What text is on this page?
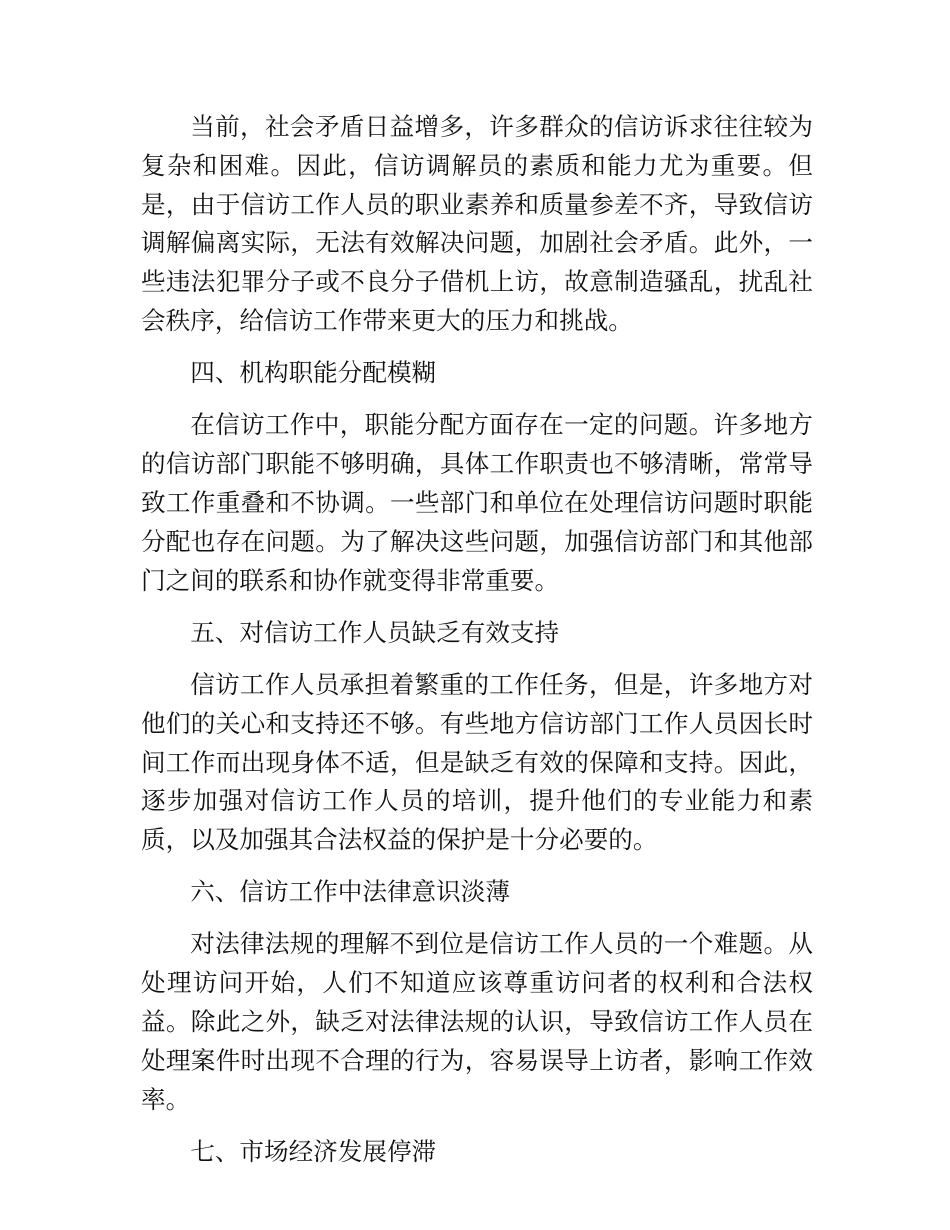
当前，社会矛盾日益增多，许多群众的信访诉求往往较为复杂和困难。因此，信访调解员的素质和能力尤为重要。但是，由于信访工作人员的职业素养和质量参差不齐，导致信访调解偏离实际，无法有效解决问题，加剧社会矛盾。此外，一些违法犯罪分子或不良分子借机上访，故意制造骚乱，扰乱社会秩序，给信访工作带来更大的压力和挑战。

四、机构职能分配模糊

在信访工作中，职能分配方面存在一定的问题。许多地方的信访部门职能不够明确，具体工作职责也不够清晰，常常导致工作重叠和不协调。一些部门和单位在处理信访问题时职能分配也存在问题。为了解决这些问题，加强信访部门和其他部门之间的联系和协作就变得非常重要。

五、对信访工作人员缺乏有效支持

信访工作人员承担着繁重的工作任务，但是，许多地方对他们的关心和支持还不够。有些地方信访部门工作人员因长时间工作而出现身体不适，但是缺乏有效的保障和支持。因此，逐步加强对信访工作人员的培训，提升他们的专业能力和素质，以及加强其合法权益的保护是十分必要的。

六、信访工作中法律意识淡薄

对法律法规的理解不到位是信访工作人员的一个难题。从处理访问开始，人们不知道应该尊重访问者的权利和合法权益。除此之外，缺乏对法律法规的认识，导致信访工作人员在处理案件时出现不合理的行为，容易误导上访者，影响工作效率。

七、市场经济发展停滞
